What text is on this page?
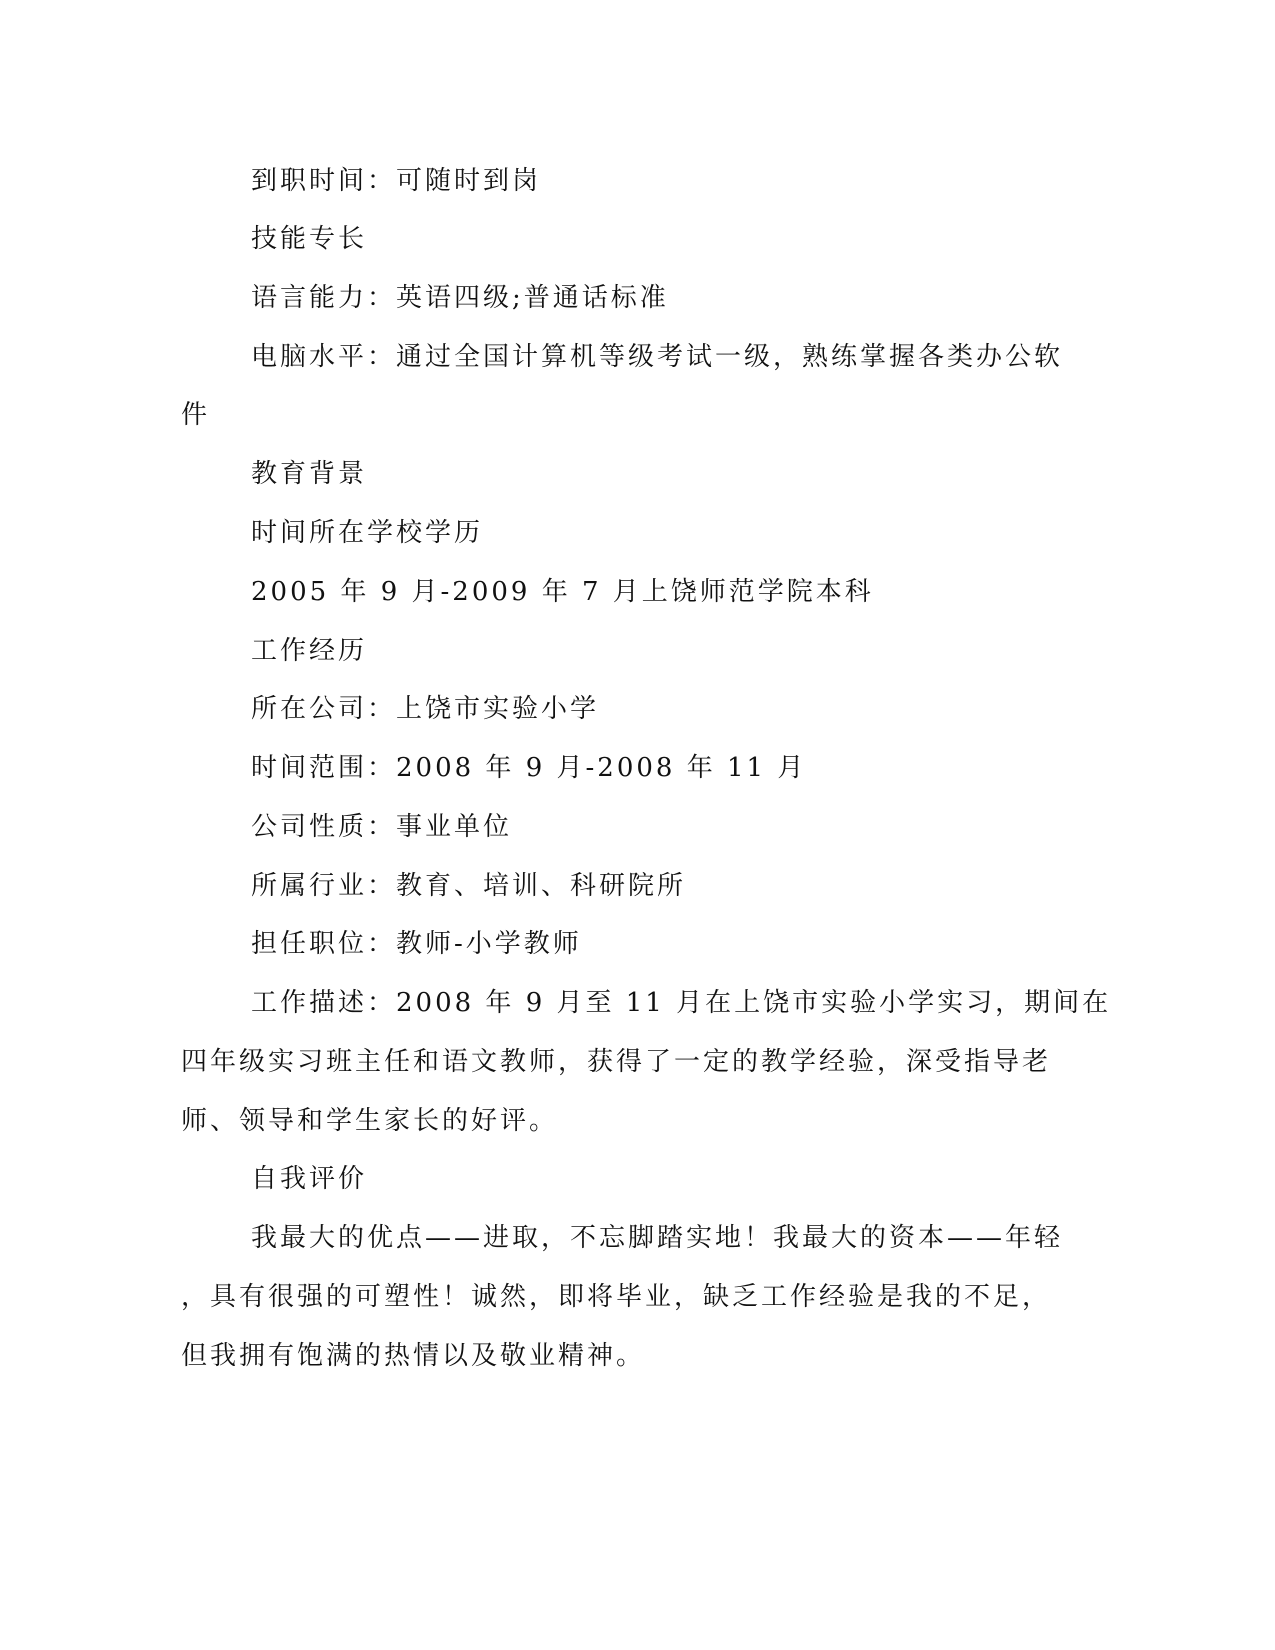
到职时间：可随时到岗
技能专长
语言能力：英语四级;普通话标准
电脑水平：通过全国计算机等级考试一级，熟练掌握各类办公软
件
教育背景
时间所在学校学历
2005 年 9 月-2009 年 7 月上饶师范学院本科
工作经历
所在公司：上饶市实验小学
时间范围：2008 年 9 月-2008 年 11 月
公司性质：事业单位
所属行业：教育、培训、科研院所
担任职位：教师-小学教师
工作描述：2008 年 9 月至 11 月在上饶市实验小学实习，期间在
四年级实习班主任和语文教师，获得了一定的教学经验，深受指导老
师、领导和学生家长的好评。
自我评价
我最大的优点——进取，不忘脚踏实地！我最大的资本——年轻
，具有很强的可塑性！诚然，即将毕业，缺乏工作经验是我的不足，
但我拥有饱满的热情以及敬业精神。
